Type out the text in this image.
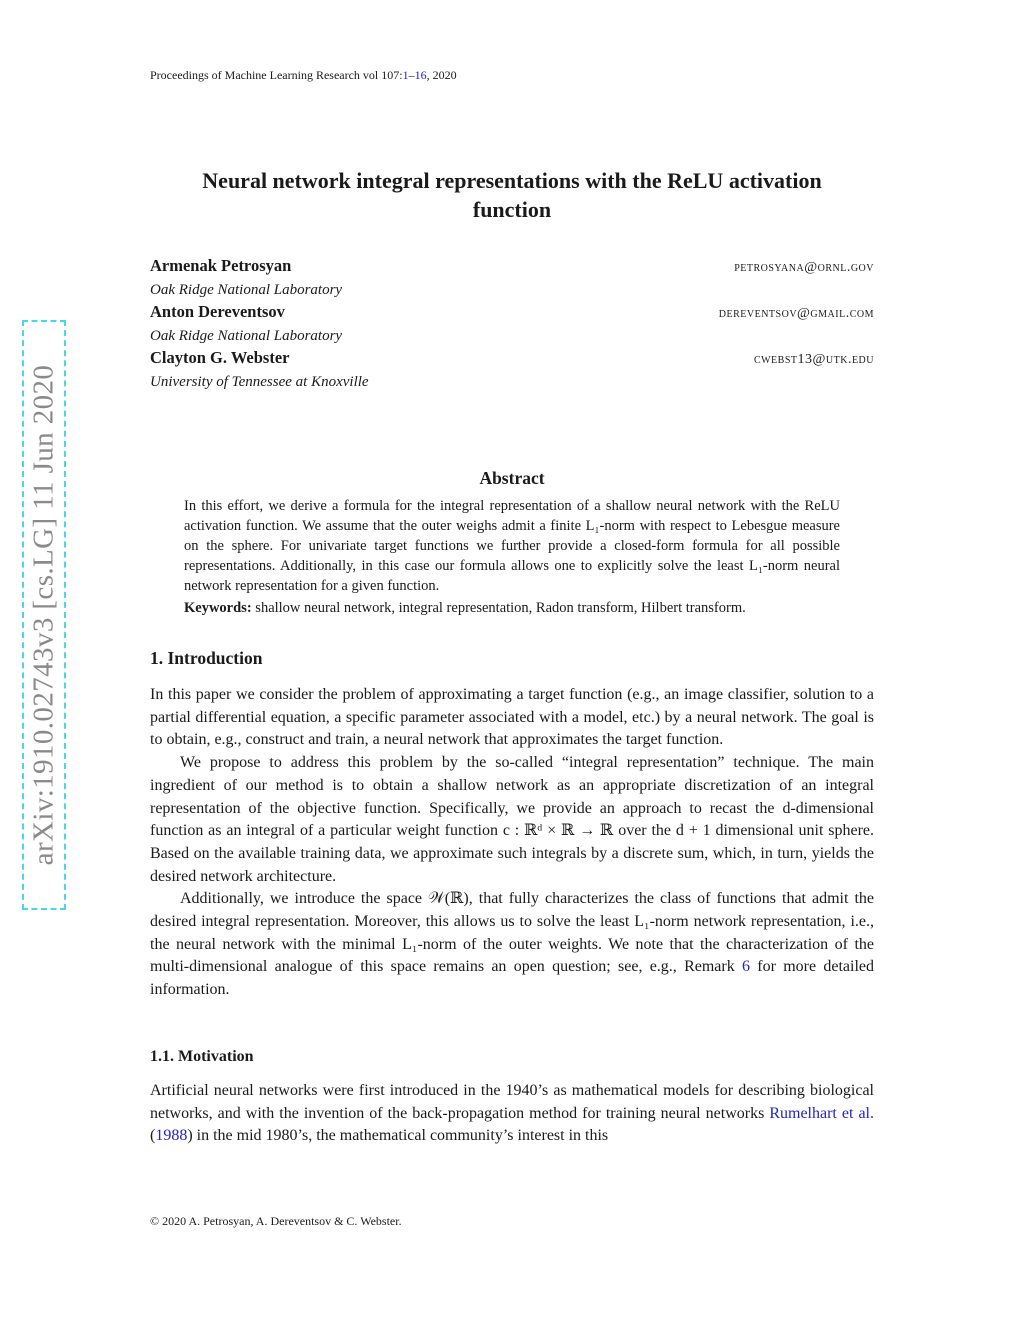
Proceedings of Machine Learning Research vol 107:1–16, 2020
Neural network integral representations with the ReLU activation
function
Armenak Petrosyan	petrosyana@ornl.gov
Oak Ridge National Laboratory
Anton Dereventsov	dereventsov@gmail.com
Oak Ridge National Laboratory
Clayton G. Webster	cwebst13@utk.edu
University of Tennessee at Knoxville
Abstract

In this effort, we derive a formula for the integral representation of a shallow neural network with the ReLU activation function. We assume that the outer weighs admit a finite L₁-norm with respect to Lebesgue measure on the sphere. For univariate target functions we further provide a closed-form formula for all possible representations. Additionally, in this case our formula allows one to explicitly solve the least L₁-norm neural network representation for a given function.

Keywords: shallow neural network, integral representation, Radon transform, Hilbert transform.

1. Introduction

In this paper we consider the problem of approximating a target function (e.g., an image classifier, solution to a partial differential equation, a specific parameter associated with a model, etc.) by a neural network. The goal is to obtain, e.g., construct and train, a neural network that approximates the target function.

We propose to address this problem by the so-called “integral representation” technique. The main ingredient of our method is to obtain a shallow network as an appropriate discretization of an integral representation of the objective function. Specifically, we provide an approach to recast the d-dimensional function as an integral of a particular weight function c : ℝᵈ × ℝ → ℝ over the d + 1 dimensional unit sphere. Based on the available training data, we approximate such integrals by a discrete sum, which, in turn, yields the desired network architecture.

Additionally, we introduce the space 𝒲(ℝ), that fully characterizes the class of functions that admit the desired integral representation. Moreover, this allows us to solve the least L₁-norm network representation, i.e., the neural network with the minimal L₁-norm of the outer weights. We note that the characterization of the multi-dimensional analogue of this space remains an open question; see, e.g., Remark 6 for more detailed information.

1.1. Motivation

Artificial neural networks were first introduced in the 1940’s as mathematical models for describing biological networks, and with the invention of the back-propagation method for training neural networks Rumelhart et al. (1988) in the mid 1980’s, the mathematical community’s interest in this

© 2020 A. Petrosyan, A. Dereventsov & C. Webster.
arXiv:1910.02743v3 [cs.LG] 11 Jun 2020
